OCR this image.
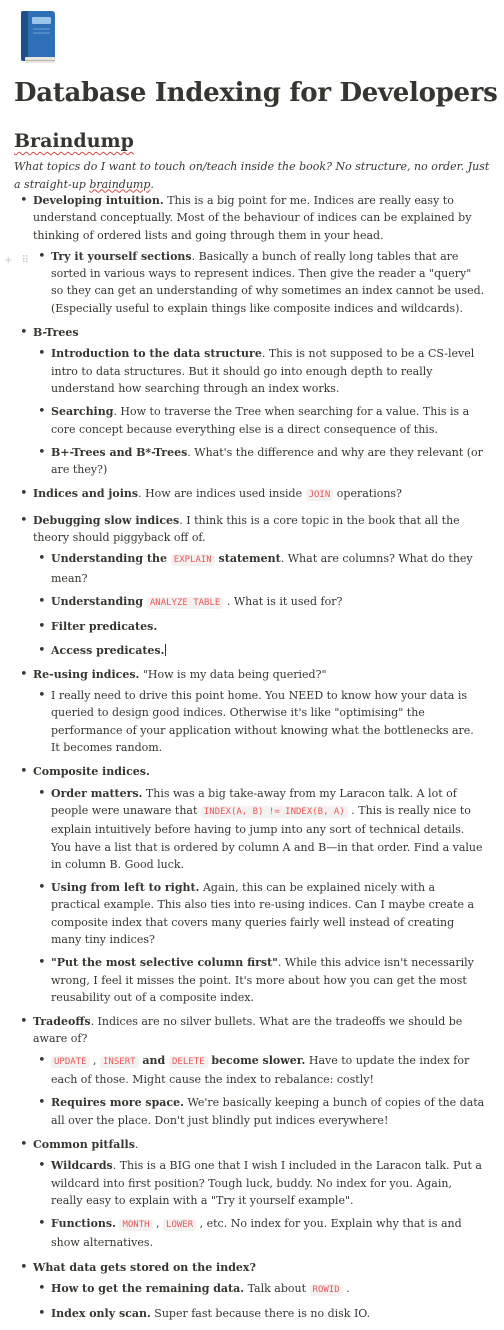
Database Indexing for Developers
Braindump

What topics do I want to touch on/teach inside the book? No structure, no order. Just a straight-up braindump.

+ ⠿
• Developing intuition. This is a big point for me. Indices are really easy to understand conceptually. Most of the behaviour of indices can be explained by thinking of ordered lists and going through them in your head.
• Try it yourself sections. Basically a bunch of really long tables that are sorted in various ways to represent indices. Then give the reader a "query" so they can get an understanding of why sometimes an index cannot be used. (Especially useful to explain things like composite indices and wildcards).
• B-Trees
• Introduction to the data structure. This is not supposed to be a CS-level intro to data structures. But it should go into enough depth to really understand how searching through an index works.
• Searching. How to traverse the Tree when searching for a value. This is a core concept because everything else is a direct consequence of this.
• B+-Trees and B*-Trees. What's the difference and why are they relevant (or are they?)
• Indices and joins. How are indices used inside JOIN operations?
• Debugging slow indices. I think this is a core topic in the book that all the theory should piggyback off of.
• Understanding the EXPLAIN statement. What are columns? What do they mean?
• Understanding ANALYZE TABLE . What is it used for?
• Filter predicates.
• Access predicates.
• Re-using indices. "How is my data being queried?"
• I really need to drive this point home. You NEED to know how your data is queried to design good indices. Otherwise it's like "optimising" the performance of your application without knowing what the bottlenecks are. It becomes random.
• Composite indices.
• Order matters. This was a big take-away from my Laracon talk. A lot of people were unaware that INDEX(A, B) != INDEX(B, A) . This is really nice to explain intuitively before having to jump into any sort of technical details. You have a list that is ordered by column A and B—in that order. Find a value in column B. Good luck.
• Using from left to right. Again, this can be explained nicely with a practical example. This also ties into re-using indices. Can I maybe create a composite index that covers many queries fairly well instead of creating many tiny indices?
• "Put the most selective column first". While this advice isn't necessarily wrong, I feel it misses the point. It's more about how you can get the most reusability out of a composite index.
• Tradeoffs. Indices are no silver bullets. What are the tradeoffs we should be aware of?
• UPDATE , INSERT and DELETE become slower. Have to update the index for each of those. Might cause the index to rebalance: costly!
• Requires more space. We're basically keeping a bunch of copies of the data all over the place. Don't just blindly put indices everywhere!
• Common pitfalls.
• Wildcards. This is a BIG one that I wish I included in the Laracon talk. Put a wildcard into first position? Tough luck, buddy. No index for you. Again, really easy to explain with a "Try it yourself example".
• Functions. MONTH , LOWER , etc. No index for you. Explain why that is and show alternatives.
• What data gets stored on the index?
• How to get the remaining data. Talk about ROWID .
• Index only scan. Super fast because there is no disk IO.
